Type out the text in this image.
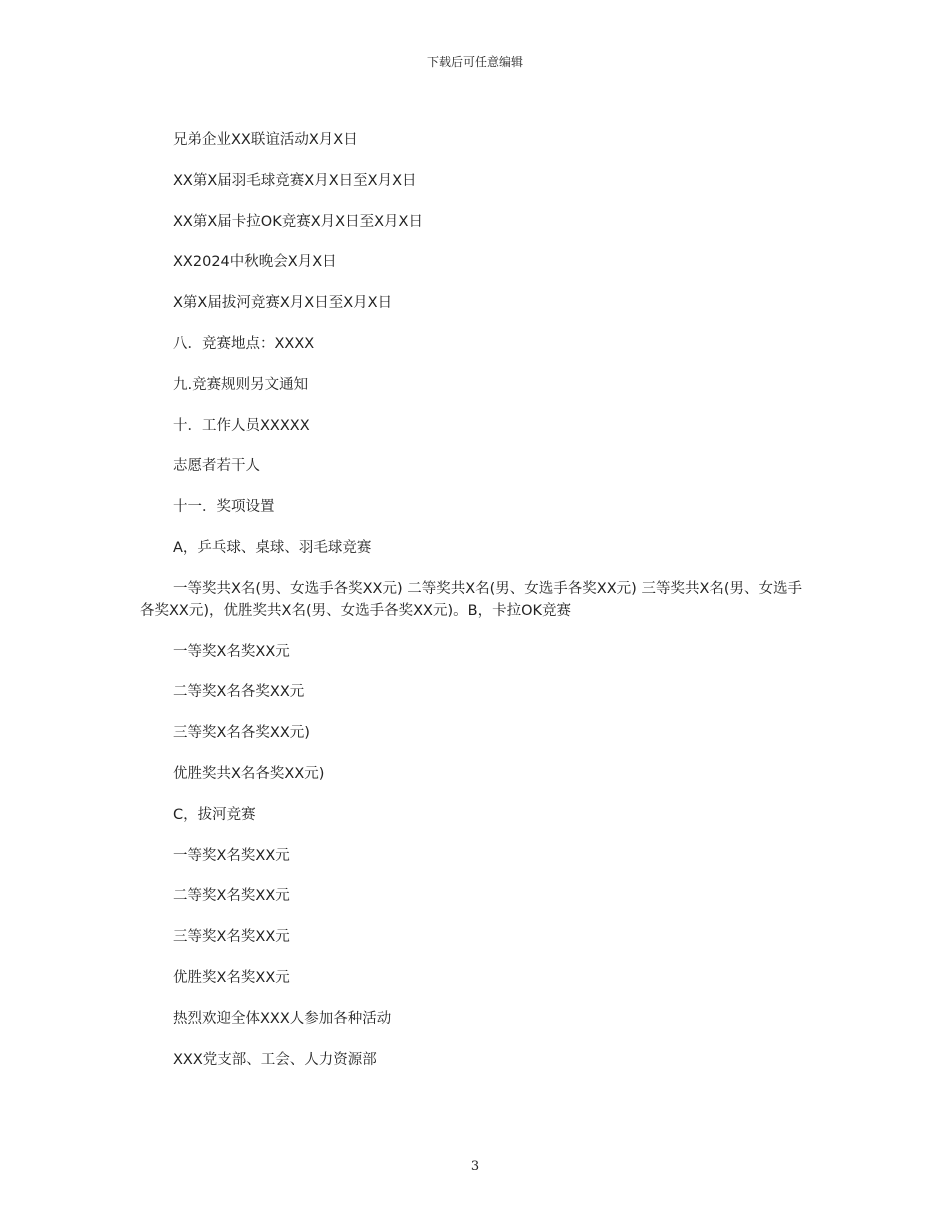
下载后可任意编辑

兄弟企业XX联谊活动X月X日

XX第X届羽毛球竞赛X月X日至X月X日

XX第X届卡拉OK竞赛X月X日至X月X日

XX2024中秋晚会X月X日

X第X届拔河竞赛X月X日至X月X日

八．竞赛地点：XXXX

九.竞赛规则另文通知

十．工作人员XXXXX

志愿者若干人

十一．奖项设置

A，乒乓球、桌球、羽毛球竞赛

一等奖共X名(男、女选手各奖XX元) 二等奖共X名(男、女选手各奖XX元) 三等奖共X名(男、女选手各奖XX元)，优胜奖共X名(男、女选手各奖XX元)。B，卡拉OK竞赛

一等奖X名奖XX元

二等奖X名各奖XX元

三等奖X名各奖XX元)

优胜奖共X名各奖XX元)

C，拔河竞赛

一等奖X名奖XX元

二等奖X名奖XX元

三等奖X名奖XX元

优胜奖X名奖XX元

热烈欢迎全体XXX人参加各种活动

XXX党支部、工会、人力资源部

3
